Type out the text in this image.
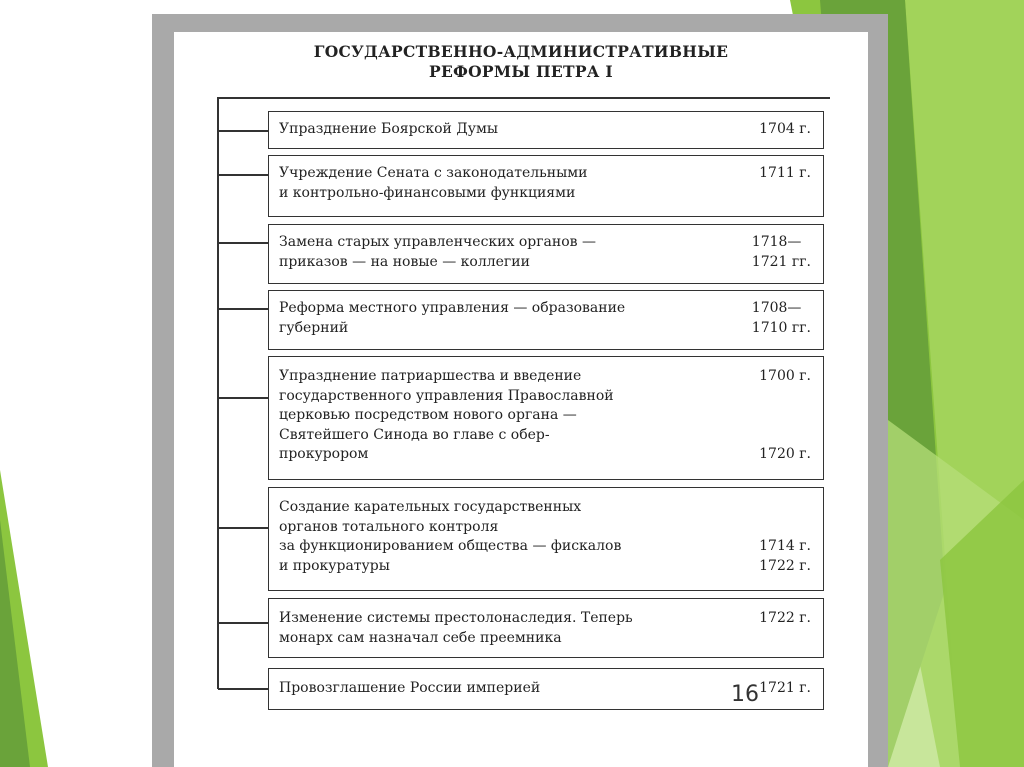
ГОСУДАРСТВЕННО-АДМИНИСТРАТИВНЫЕ
РЕФОРМЫ ПЕТРА I
Упразднение Боярской Думы	1704 г.
Учреждение Сената с законодательными
и контрольно-финансовыми функциями
1711 г.
Замена старых управленческих органов —
приказов — на новые — коллегии
1718—
1721 гг.
Реформа местного управления — образование
губерний
1708—
1710 гг.
Упразднение патриаршества и введение
государственного управления Православной
церковью посредством нового органа —
Святейшего Синода во главе с обер-
прокурором
1700 г.

1720 г.
Создание карательных государственных
органов тотального контроля
за функционированием общества — фискалов
и прокуратуры

1714 г.
1722 г.
Изменение системы престолонаследия. Теперь
монарх сам назначал себе преемника
1722 г.
Провозглашение России империей	1721 г.
16
